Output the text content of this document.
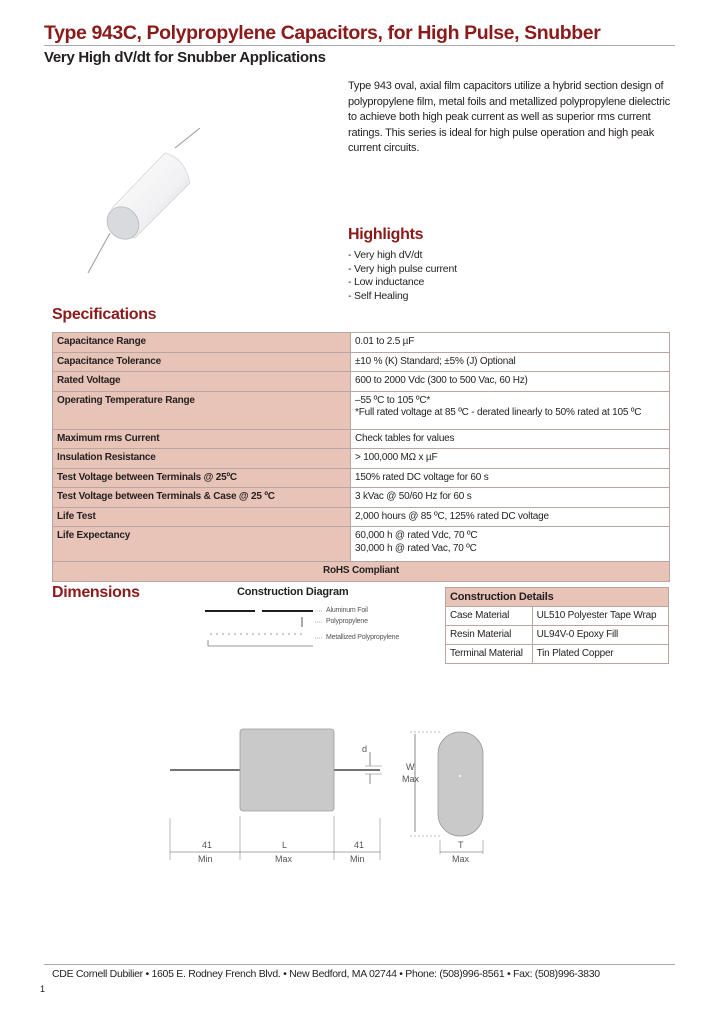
Type 943C, Polypropylene Capacitors, for High Pulse, Snubber
Very High dV/dt for Snubber Applications

Type 943 oval, axial film capacitors utilize a hybrid section design of polypropylene film, metal foils and metallized polypropylene dielectric to achieve both high peak current as well as superior rms current ratings. This series is ideal for high pulse operation and high peak current circuits.

Highlights
- Very high dV/dt
- Very high pulse current
- Low inductance
- Self Healing
Specifications
Capacitance Range	0.01 to 2.5 µF
Capacitance Tolerance	±10 % (K) Standard; ±5% (J) Optional
Rated Voltage	600 to 2000 Vdc (300 to 500 Vac, 60 Hz)
Operating Temperature Range	–55 ºC to 105 ºC*
*Full rated voltage at 85 ºC - derated linearly to 50% rated at 105 ºC

Maximum rms Current	Check tables for values
Insulation Resistance	> 100,000 MΩ x µF
Test Voltage between Terminals @ 25ºC	150% rated DC voltage for 60 s
Test Voltage between Terminals & Case @ 25 ºC	3 kVac @ 50/60 Hz for 60 s
Life Test	2,000 hours @ 85 ºC, 125% rated DC voltage
Life Expectancy	60,000 h @ rated Vdc, 70 ºC
30,000 h @ rated Vac, 70 ºC

RoHS Compliant	
Dimensions	Construction Diagram
Aluminum Foil
Polypropylene
Metallized Polypropylene
Construction Details	
Case Material	UL510 Polyester Tape Wrap
Resin Material	UL94V-0 Epoxy Fill
Terminal Material	Tin Plated Copper
d
W
Max
T
Max
41
Min
L
Max
41
Min
CDE Cornell Dubilier • 1605 E. Rodney French Blvd. • New Bedford, MA 02744 • Phone: (508)996-8561 • Fax: (508)996-3830
1
